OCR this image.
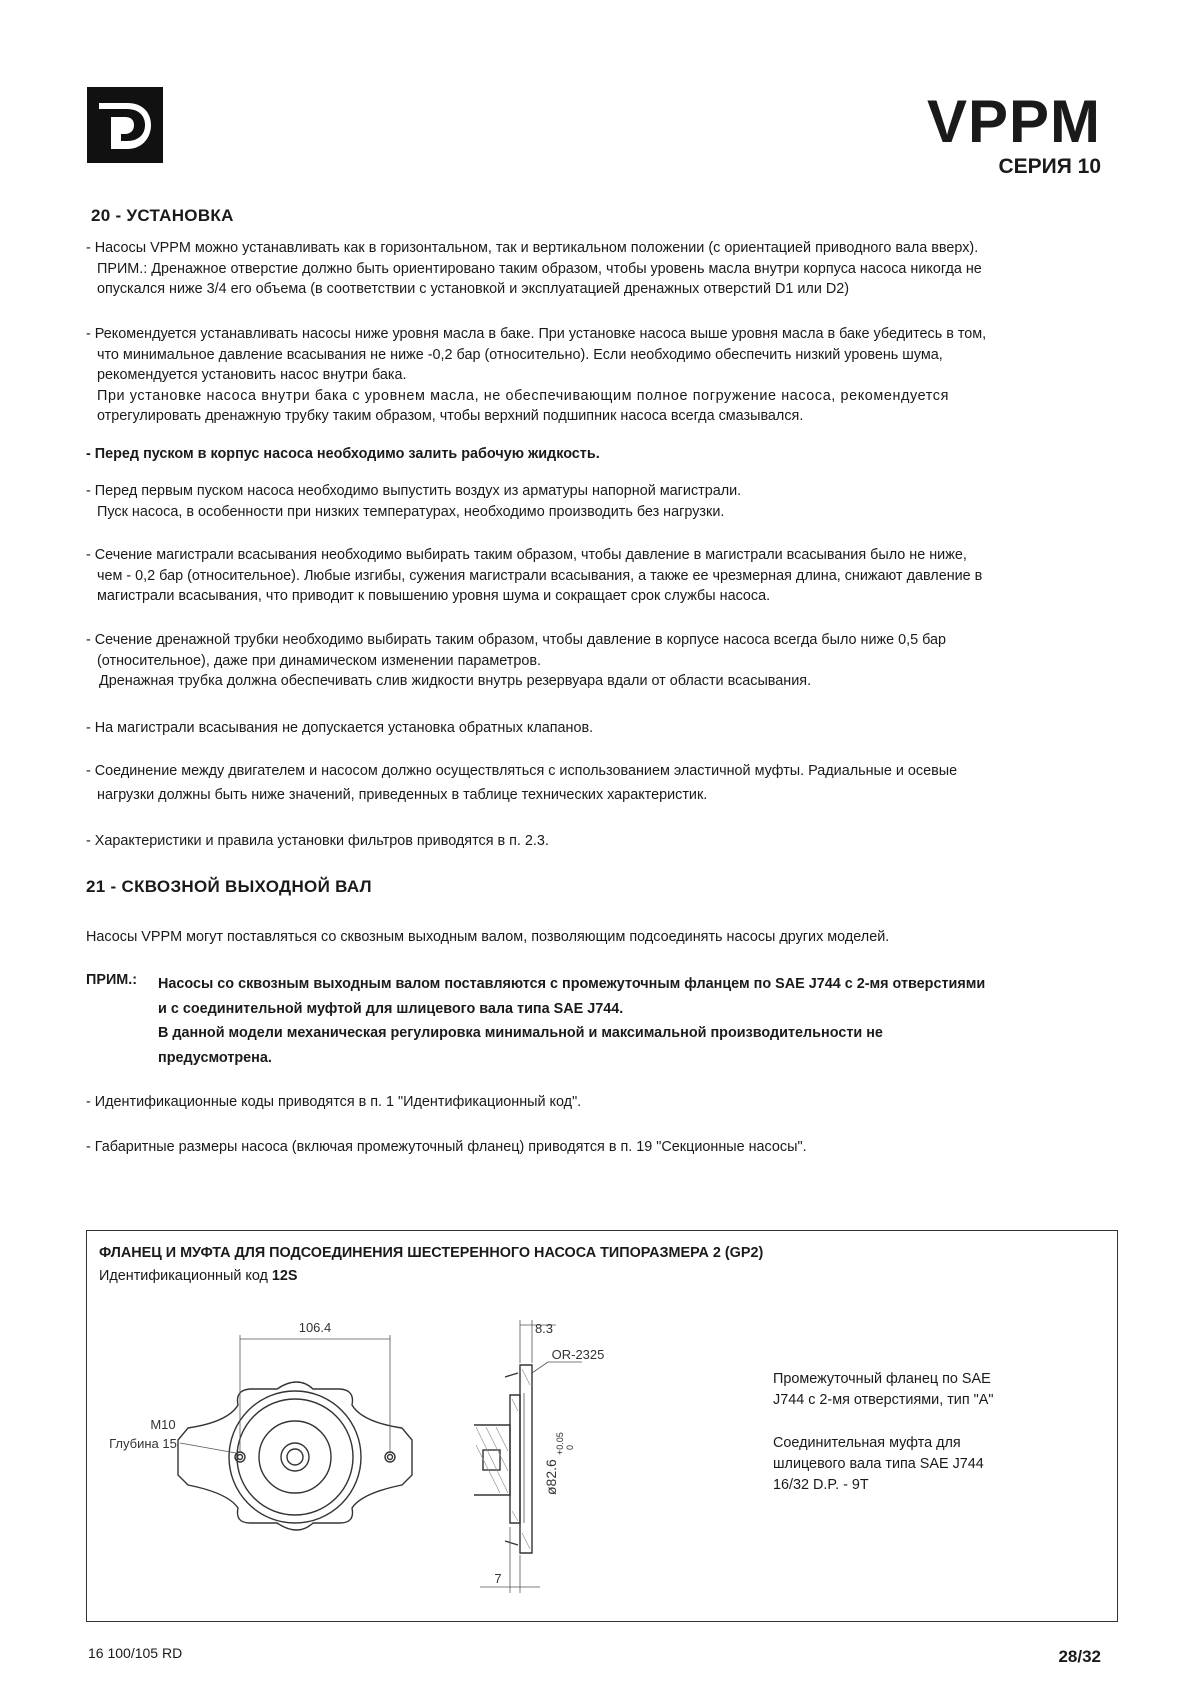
VPPM
СЕРИЯ 10
20 - УСТАНОВКА
- Насосы VPPM можно устанавливать как в горизонтальном, так и вертикальном положении (с ориентацией приводного вала вверх).
ПРИМ.: Дренажное отверстие должно быть ориентировано таким образом, чтобы уровень масла внутри корпуса насоса никогда не
опускался ниже 3/4 его объема (в соответствии с установкой и эксплуатацией дренажных отверстий D1 или D2)
- Рекомендуется устанавливать насосы ниже уровня масла в баке. При установке насоса выше уровня масла в баке убедитесь в том,
что минимальное давление всасывания не ниже -0,2 бар (относительно). Если необходимо обеспечить низкий уровень шума,
рекомендуется установить насос внутри бака.
При установке насоса внутри бака с уровнем масла, не обеспечивающим полное погружение насоса, рекомендуется
отрегулировать дренажную трубку таким образом, чтобы верхний подшипник насоса всегда смазывался.
- Перед пуском в корпус насоса необходимо залить рабочую жидкость.
- Перед первым пуском насоса необходимо выпустить воздух из арматуры напорной магистрали.
Пуск насоса, в особенности при низких температурах, необходимо производить без нагрузки.
- Сечение магистрали всасывания необходимо выбирать таким образом, чтобы давление в магистрали всасывания было не ниже,
чем - 0,2 бар (относительное). Любые изгибы, сужения магистрали всасывания, а также ее чрезмерная длина, снижают давление в
магистрали всасывания, что приводит к повышению уровня шума и сокращает срок службы насоса.
- Сечение дренажной трубки необходимо выбирать таким образом, чтобы давление в корпусе насоса всегда было ниже 0,5 бар
(относительное), даже при динамическом изменении параметров.
Дренажная трубка должна обеспечивать слив жидкости внутрь резервуара вдали от области всасывания.
- На магистрали всасывания не допускается установка обратных клапанов.
- Соединение между двигателем и насосом должно осуществляться с использованием эластичной муфты. Радиальные и осевые
нагрузки должны быть ниже значений, приведенных в таблице технических характеристик.
- Характеристики и правила установки фильтров приводятся в п. 2.3.
21 - СКВОЗНОЙ ВЫХОДНОЙ ВАЛ
Насосы VPPM могут поставляться со сквозным выходным валом, позволяющим подсоединять насосы других моделей.
ПРИМ.: Насосы со сквозным выходным валом поставляются с промежуточным фланцем по SAE J744 с 2-мя отверстиями
и с соединительной муфтой для шлицевого вала типа SAE J744.
В данной модели механическая регулировка минимальной и максимальной производительности не
предусмотрена.
- Идентификационные коды приводятся в п. 1 "Идентификационный код".
- Габаритные размеры насоса (включая промежуточный фланец) приводятся в п. 19 "Секционные насосы".
ФЛАНЕЦ И МУФТА ДЛЯ ПОДСОЕДИНЕНИЯ ШЕСТЕРЕННОГО НАСОСА ТИПОРАЗМЕРА 2 (GP2)
Идентификационный код 12S
106.4
M10
Глубина 15
8.3
OR-2325
+0.05 0
ø82.6
7
Промежуточный фланец по SAE
J744 с 2-мя отверстиями, тип "A"
Соединительная муфта для
шлицевого вала типа SAE J744
16/32 D.P. - 9T
16 100/105 RD	28/32
